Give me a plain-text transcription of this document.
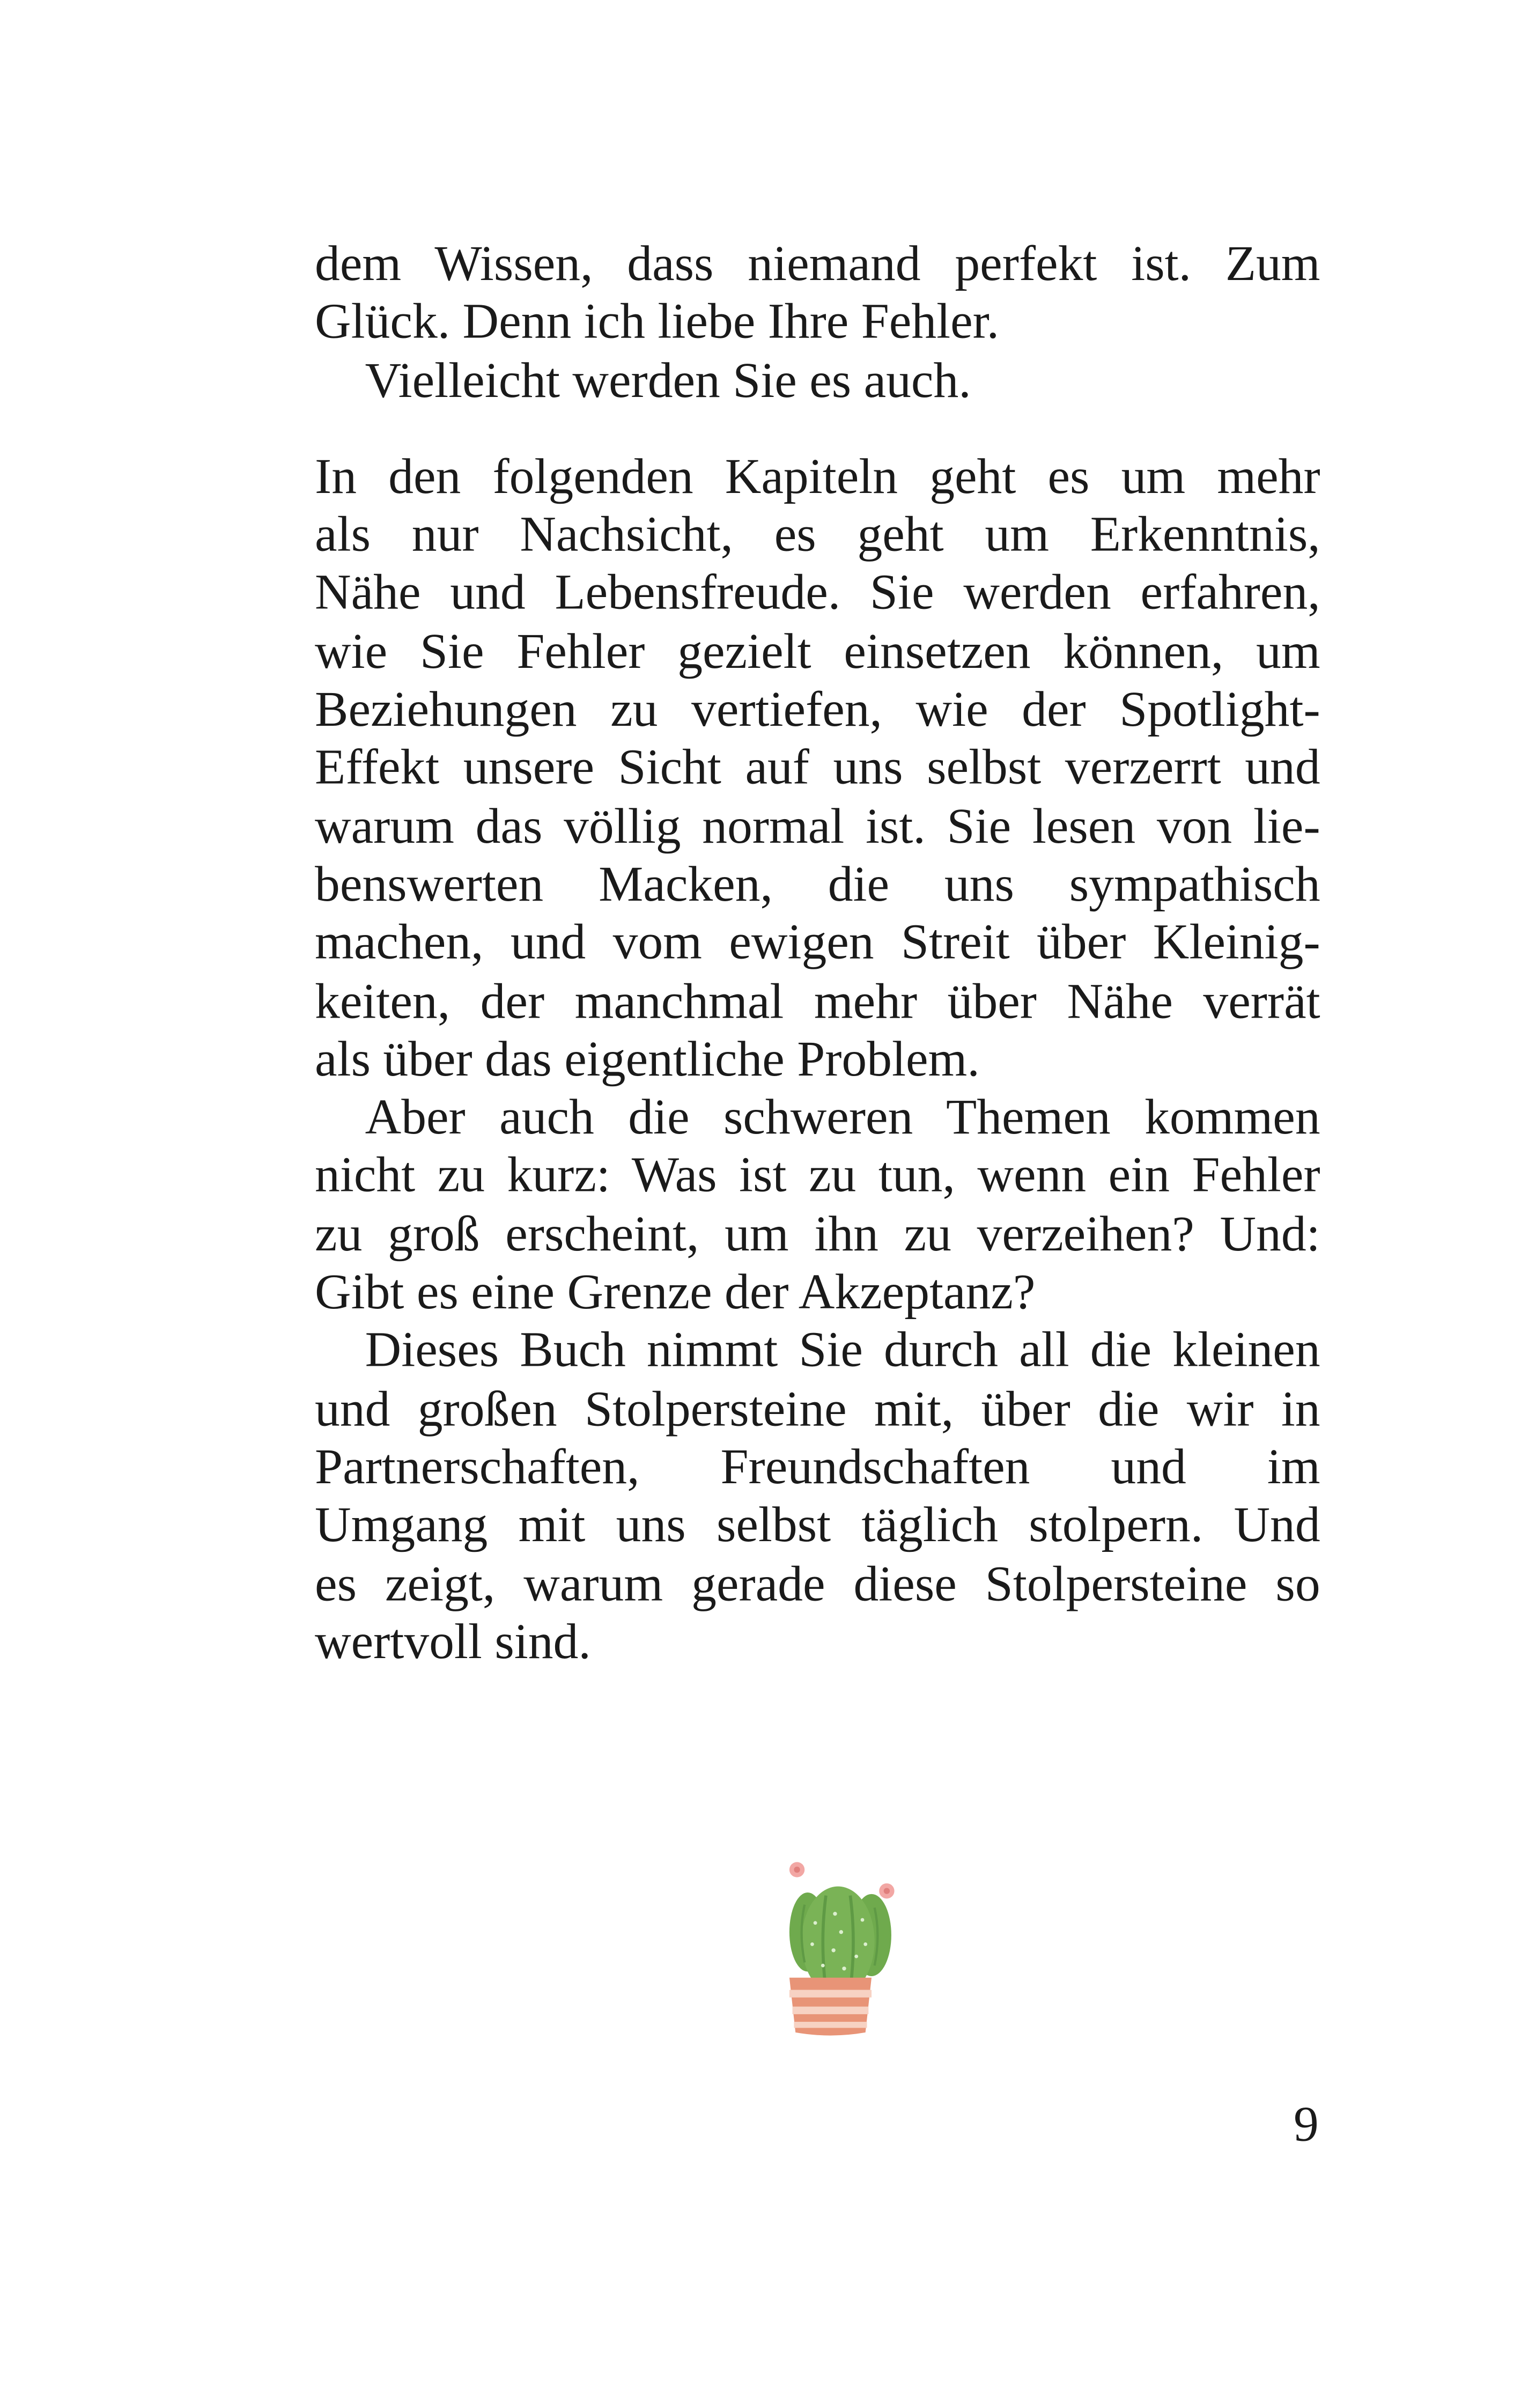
dem Wissen, dass niemand perfekt ist. Zum
Glück. Denn ich liebe Ihre Fehler.

Vielleicht werden Sie es auch.

In den folgenden Kapiteln geht es um mehr
als nur Nachsicht, es geht um Erkenntnis,
Nähe und Lebensfreude. Sie werden erfahren,
wie Sie Fehler gezielt einsetzen können, um
Beziehungen zu vertiefen, wie der Spotlight-
Effekt unsere Sicht auf uns selbst verzerrt und
warum das völlig normal ist. Sie lesen von lie-
benswerten Macken, die uns sympathisch
machen, und vom ewigen Streit über Kleinig-
keiten, der manchmal mehr über Nähe verrät
als über das eigentliche Problem.

Aber auch die schweren Themen kommen
nicht zu kurz: Was ist zu tun, wenn ein Fehler
zu groß erscheint, um ihn zu verzeihen? Und:
Gibt es eine Grenze der Akzeptanz?

Dieses Buch nimmt Sie durch all die kleinen
und großen Stolpersteine mit, über die wir in
Partnerschaften, Freundschaften und im
Umgang mit uns selbst täglich stolpern. Und
es zeigt, warum gerade diese Stolpersteine so
wertvoll sind.

9
